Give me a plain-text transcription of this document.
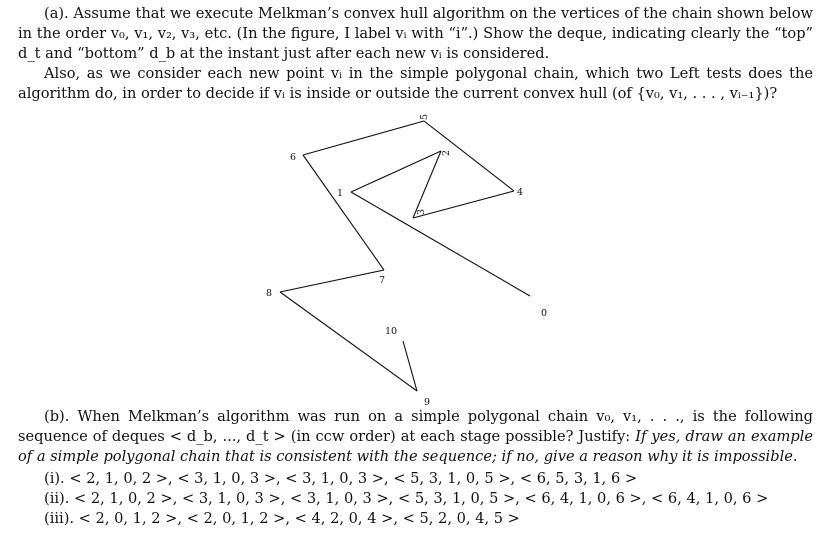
(a). Assume that we execute Melkman’s convex hull algorithm on the vertices of the chain shown below in the order v₀, v₁, v₂, v₃, etc. (In the figure, I label vᵢ with “i”.) Show the deque, indicating clearly the “top” d_t and “bottom” d_b at the instant just after each new vᵢ is considered.
Also, as we consider each new point vᵢ in the simple polygonal chain, which two Left tests does the algorithm do, in order to decide if vᵢ is inside or outside the current convex hull (of {v₀, v₁, . . . , vᵢ₋₁})?
0
1
2
3
4
5
6
7
8
9
10
(b). When Melkman’s algorithm was run on a simple polygonal chain v₀, v₁, . . ., is the following sequence of deques < d_b, ..., d_t > (in ccw order) at each stage possible? Justify: If yes, draw an example of a simple polygonal chain that is consistent with the sequence; if no, give a reason why it is impossible.
(i). < 2, 1, 0, 2 >, < 3, 1, 0, 3 >, < 3, 1, 0, 3 >, < 5, 3, 1, 0, 5 >, < 6, 5, 3, 1, 6 >
(ii). < 2, 1, 0, 2 >, < 3, 1, 0, 3 >, < 3, 1, 0, 3 >, < 5, 3, 1, 0, 5 >, < 6, 4, 1, 0, 6 >, < 6, 4, 1, 0, 6 >
(iii). < 2, 0, 1, 2 >, < 2, 0, 1, 2 >, < 4, 2, 0, 4 >, < 5, 2, 0, 4, 5 >
